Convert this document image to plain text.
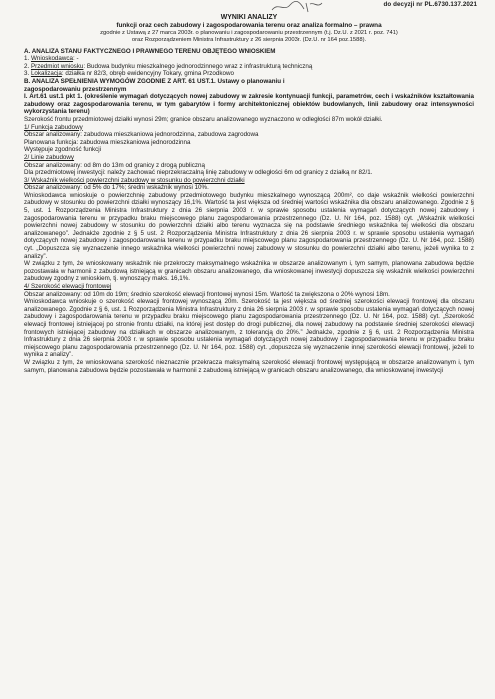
do decyzji nr PL.6730.137.2021

WYNIKI ANALIZY

funkcji oraz cech zabudowy i zagospodarowania terenu oraz analiza formalno – prawna

zgodnie z Ustawą z 27 marca 2003r. o planowaniu i zagospodarowaniu przestrzennym (t.j. Dz.U. z 2021 r. poz. 741)

oraz Rozporządzeniem Ministra Infrastruktury z 26 sierpnia 2003r. (Dz.U. nr 164 poz.1588).

A. ANALIZA STANU FAKTYCZNEGO I PRAWNEGO TERENU OBJĘTEGO WNIOSKIEM

1. Wnioskodawca: -

2. Przedmiot wniosku: Budowa budynku mieszkalnego jednorodzinnego wraz z infrastrukturą techniczną

3. Lokalizacja: działka nr 82/3, obręb ewidencyjny Tokary, gmina Przodkowo

B. ANALIZA SPEŁNIENIA WYMOGÓW ZGODNIE Z ART. 61 UST.1. Ustawy o planowaniu i

zagospodarowaniu przestrzennym

I. Art.61 ust.1 pkt 1. (określenie wymagań dotyczących nowej zabudowy w zakresie kontynuacji funkcji, parametrów, cech i wskaźników kształtowania zabudowy oraz zagospodarowania terenu, w tym gabarytów i formy architektonicznej obiektów budowlanych, linii zabudowy oraz intensywności wykorzystania terenu)

Szerokość frontu przedmiotowej działki wynosi 29m; granice obszaru analizowanego wyznaczono w odległości 87m wokół działki.

1/ Funkcja zabudowy

Obszar analizowany: zabudowa mieszkaniowa jednorodzinna, zabudowa zagrodowa

Planowana funkcja: zabudowa mieszkaniowa jednorodzinna

Występuje zgodność funkcji

2/ Linie zabudowy

Obszar analizowany: od 8m do 13m od granicy z drogą publiczną

Dla przedmiotowej inwestycji: należy zachować nieprzekraczalną linię zabudowy w odległości 6m od granicy z działką nr 82/1.

3/ Wskaźnik wielkości powierzchni zabudowy w stosunku do powierzchni działki

Obszar analizowany: od 5% do 17%; średni wskaźnik wynosi 10%.

Wnioskodawca wnioskuje o powierzchnię zabudowy przedmiotowego budynku mieszkalnego wynoszącą 200m², co daje wskaźnik wielkości powierzchni zabudowy w stosunku do powierzchni działki wynoszący 16,1%. Wartość ta jest większa od średniej wartości wskaźnika dla obszaru analizowanego. Zgodnie z § 5, ust. 1 Rozporządzenia Ministra Infrastruktury z dnia 26 sierpnia 2003 r. w sprawie sposobu ustalenia wymagań dotyczących nowej zabudowy i zagospodarowania terenu w przypadku braku miejscowego planu zagospodarowania przestrzennego (Dz. U. Nr 164, poz. 1588) cyt. „Wskaźnik wielkości powierzchni nowej zabudowy w stosunku do powierzchni działki albo terenu wyznacza się na podstawie średniego wskaźnika tej wielkości dla obszaru analizowanego”. Jednakże zgodnie z § 5 ust. 2 Rozporządzenia Ministra Infrastruktury z dnia 26 sierpnia 2003 r. w sprawie sposobu ustalenia wymagań dotyczących nowej zabudowy i zagospodarowania terenu w przypadku braku miejscowego planu zagospodarowania przestrzennego (Dz. U. Nr 164, poz. 1588) cyt. „Dopuszcza się wyznaczenie innego wskaźnika wielkości powierzchni nowej zabudowy w stosunku do powierzchni działki albo terenu, jeżeli wynika to z analizy”.

W związku z tym, że wnioskowany wskaźnik nie przekroczy maksymalnego wskaźnika w obszarze analizowanym i, tym samym, planowana zabudowa będzie pozostawała w harmonii z zabudową istniejącą w granicach obszaru analizowanego, dla wnioskowanej inwestycji dopuszcza się wskaźnik wielkości powierzchni zabudowy zgodny z wnioskiem, tj. wynoszący maks. 16,1%.

4/ Szerokość elewacji frontowej

Obszar analizowany: od 10m do 19m; średnio szerokość elewacji frontowej wynosi 15m. Wartość ta zwiększona o 20% wynosi 18m.

Wnioskodawca wnioskuje o szerokość elewacji frontowej wynoszącą 20m. Szerokość ta jest większa od średniej szerokości elewacji frontowej dla obszaru analizowanego. Zgodnie z § 6, ust. 1 Rozporządzenia Ministra Infrastruktury z dnia 26 sierpnia 2003 r. w sprawie sposobu ustalenia wymagań dotyczących nowej zabudowy i zagospodarowania terenu w przypadku braku miejscowego planu zagospodarowania przestrzennego (Dz. U. Nr 164, poz. 1588) cyt. „Szerokość elewacji frontowej istniejącej po stronie frontu działki, na której jest dostęp do drogi publicznej, dla nowej zabudowy na podstawie średniej szerokości elewacji frontowych istniejącej zabudowy na działkach w obszarze analizowanym, z tolerancją do 20%.” Jednakże, zgodnie z § 6, ust. 2 Rozporządzenia Ministra Infrastruktury z dnia 26 sierpnia 2003 r. w sprawie sposobu ustalenia wymagań dotyczących nowej zabudowy i zagospodarowania terenu w przypadku braku miejscowego planu zagospodarowania przestrzennego (Dz. U. Nr 164, poz. 1588) cyt. „dopuszcza się wyznaczenie innej szerokości elewacji frontowej, jeżeli to wynika z analizy”.

W związku z tym, że wnioskowana szerokość nieznacznie przekracza maksymalną szerokość elewacji frontowej występującą w obszarze analizowanym i, tym samym, planowana zabudowa będzie pozostawała w harmonii z zabudową istniejącą w granicach obszaru analizowanego, dla wnioskowanej inwestycji
